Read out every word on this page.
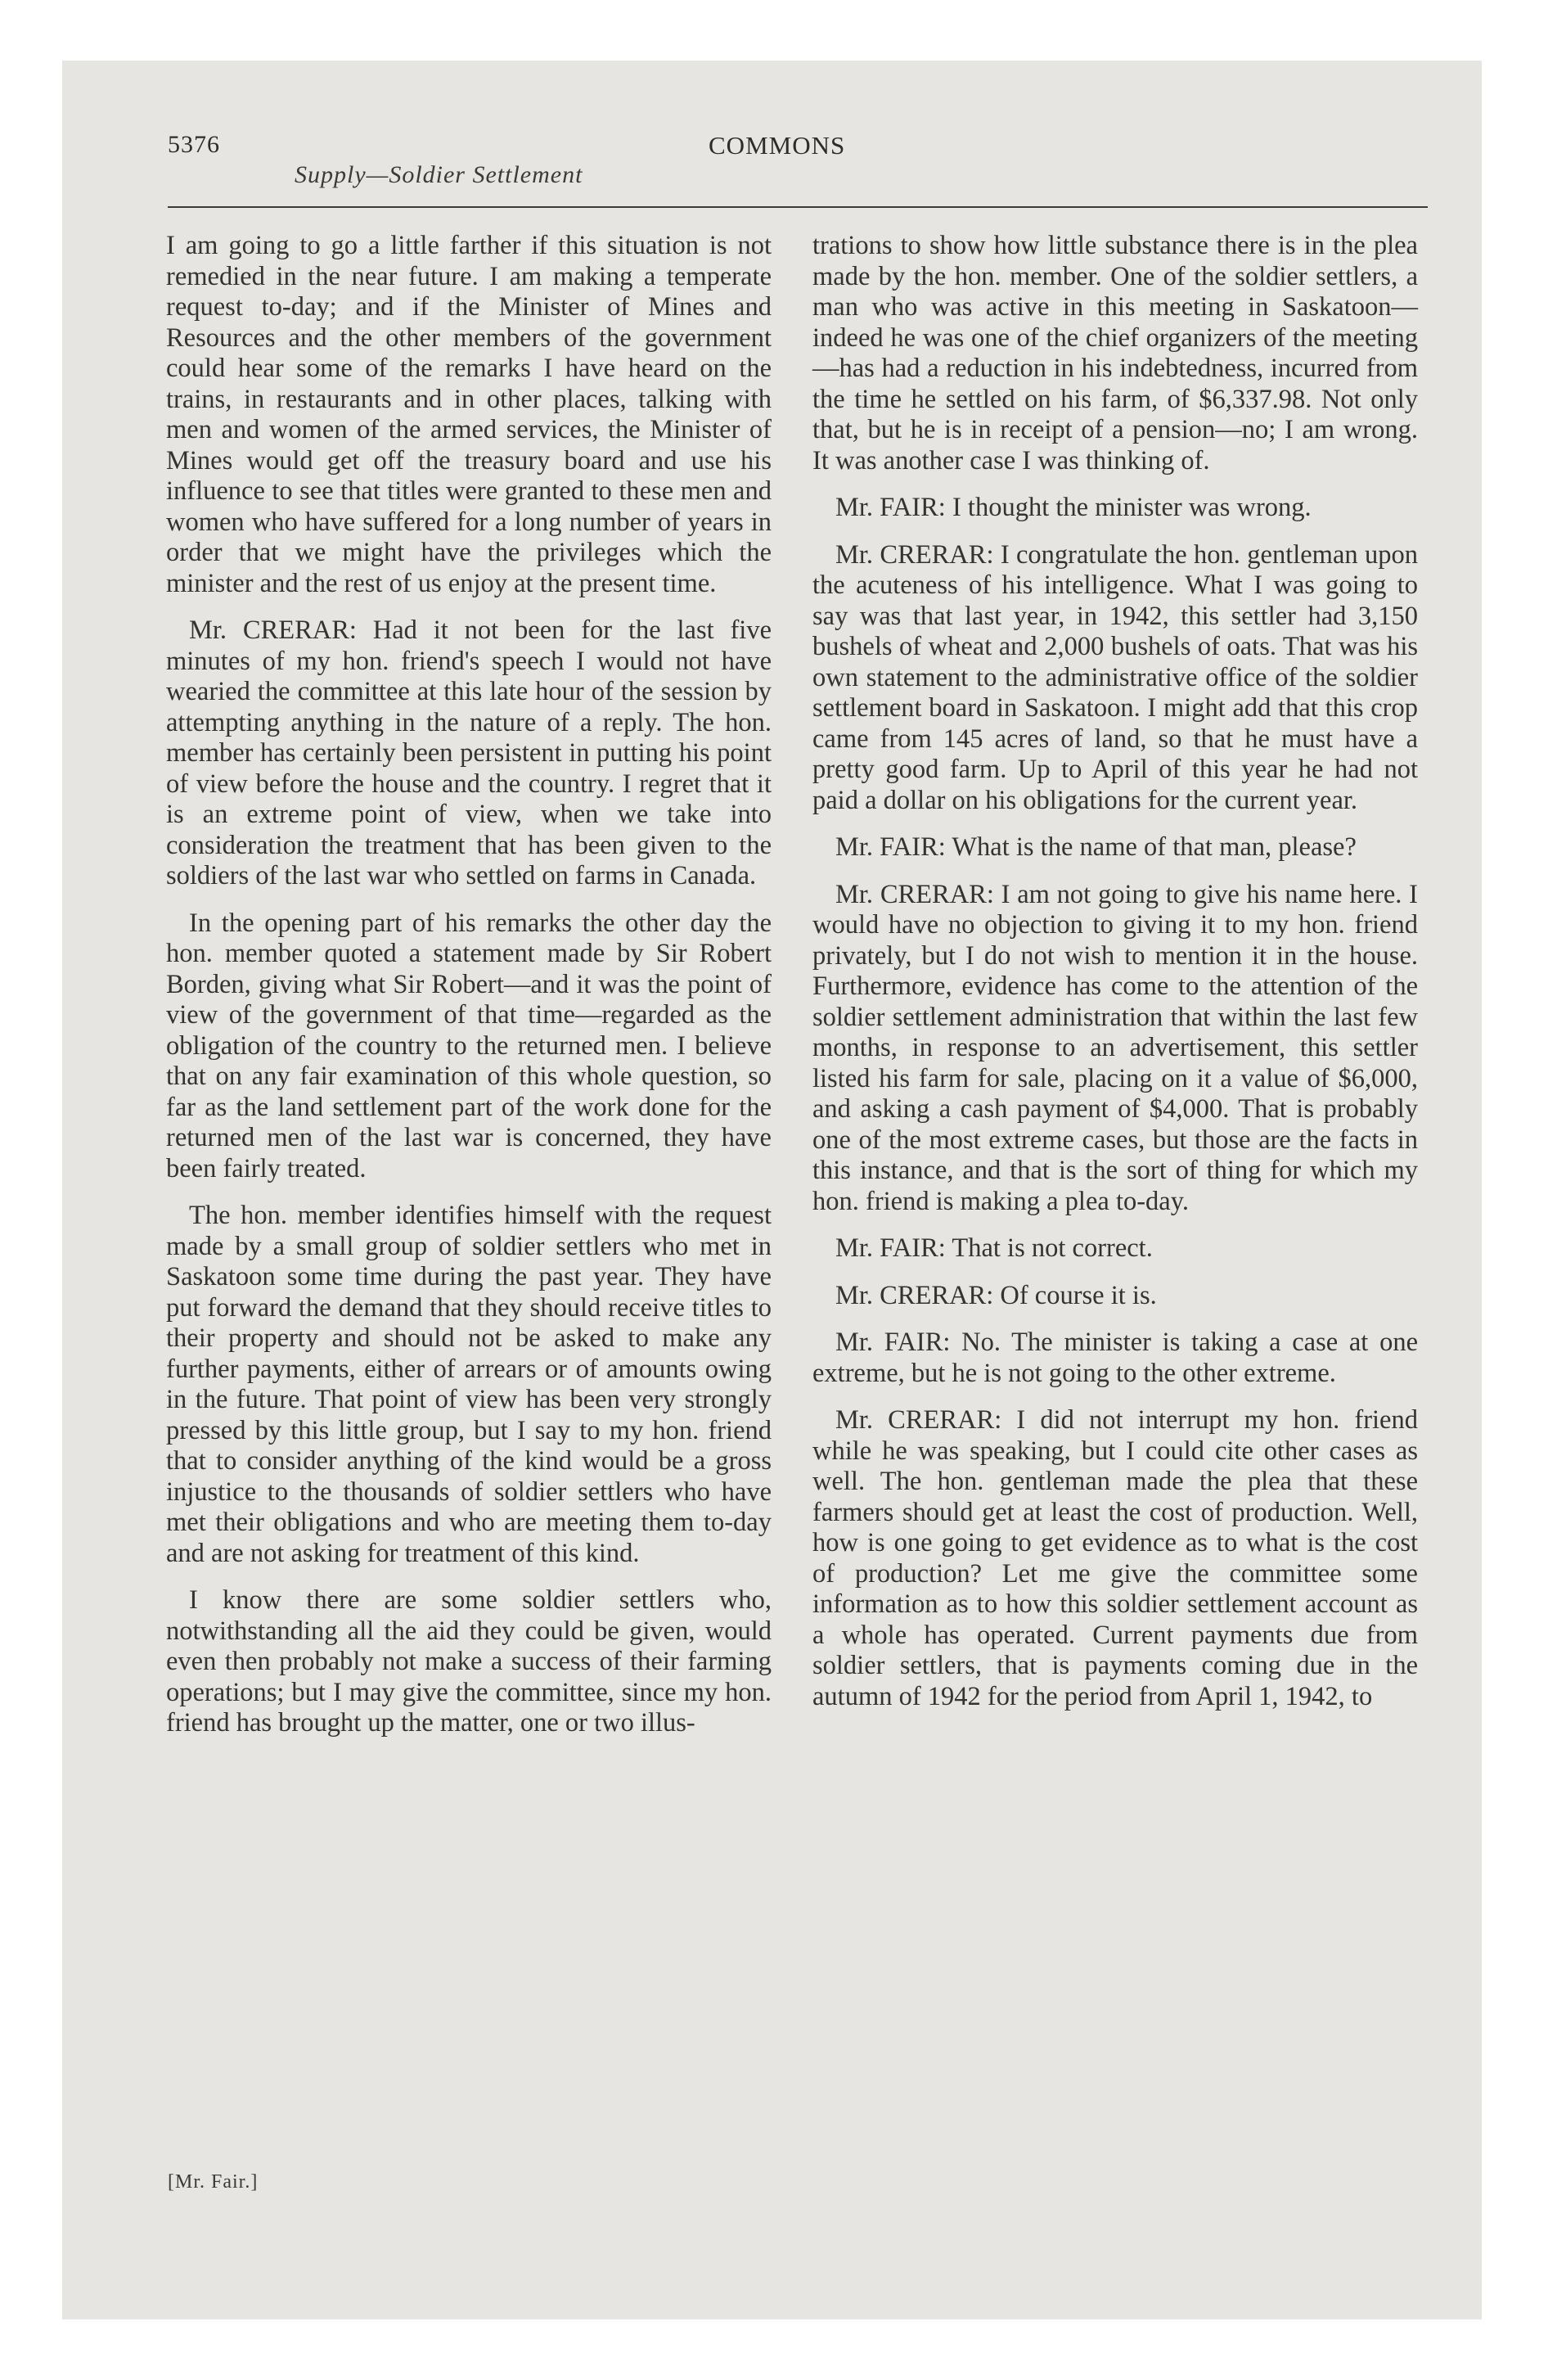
5376	COMMONS
Supply—Soldier Settlement

I am going to go a little farther if this situation is not remedied in the near future. I am making a temperate request to-day; and if the Minister of Mines and Resources and the other members of the government could hear some of the remarks I have heard on the trains, in restaurants and in other places, talking with men and women of the armed services, the Minister of Mines would get off the treasury board and use his influence to see that titles were granted to these men and women who have suffered for a long number of years in order that we might have the privileges which the minister and the rest of us enjoy at the present time.

Mr. CRERAR: Had it not been for the last five minutes of my hon. friend's speech I would not have wearied the committee at this late hour of the session by attempting anything in the nature of a reply. The hon. member has certainly been persistent in putting his point of view before the house and the country. I regret that it is an extreme point of view, when we take into consideration the treatment that has been given to the soldiers of the last war who settled on farms in Canada.

In the opening part of his remarks the other day the hon. member quoted a statement made by Sir Robert Borden, giving what Sir Robert—and it was the point of view of the government of that time—regarded as the obligation of the country to the returned men. I believe that on any fair examination of this whole question, so far as the land settlement part of the work done for the returned men of the last war is concerned, they have been fairly treated.

The hon. member identifies himself with the request made by a small group of soldier settlers who met in Saskatoon some time during the past year. They have put forward the demand that they should receive titles to their property and should not be asked to make any further payments, either of arrears or of amounts owing in the future. That point of view has been very strongly pressed by this little group, but I say to my hon. friend that to consider anything of the kind would be a gross injustice to the thousands of soldier settlers who have met their obligations and who are meeting them to-day and are not asking for treatment of this kind.

I know there are some soldier settlers who, notwithstanding all the aid they could be given, would even then probably not make a success of their farming operations; but I may give the committee, since my hon. friend has brought up the matter, one or two illus-

trations to show how little substance there is in the plea made by the hon. member. One of the soldier settlers, a man who was active in this meeting in Saskatoon—indeed he was one of the chief organizers of the meeting—has had a reduction in his indebtedness, incurred from the time he settled on his farm, of $6,337.98. Not only that, but he is in receipt of a pension—no; I am wrong. It was another case I was thinking of.

Mr. FAIR: I thought the minister was wrong.

Mr. CRERAR: I congratulate the hon. gentleman upon the acuteness of his intelligence. What I was going to say was that last year, in 1942, this settler had 3,150 bushels of wheat and 2,000 bushels of oats. That was his own statement to the administrative office of the soldier settlement board in Saskatoon. I might add that this crop came from 145 acres of land, so that he must have a pretty good farm. Up to April of this year he had not paid a dollar on his obligations for the current year.

Mr. FAIR: What is the name of that man, please?

Mr. CRERAR: I am not going to give his name here. I would have no objection to giving it to my hon. friend privately, but I do not wish to mention it in the house. Furthermore, evidence has come to the attention of the soldier settlement administration that within the last few months, in response to an advertisement, this settler listed his farm for sale, placing on it a value of $6,000, and asking a cash payment of $4,000. That is probably one of the most extreme cases, but those are the facts in this instance, and that is the sort of thing for which my hon. friend is making a plea to-day.

Mr. FAIR: That is not correct.

Mr. CRERAR: Of course it is.

Mr. FAIR: No. The minister is taking a case at one extreme, but he is not going to the other extreme.

Mr. CRERAR: I did not interrupt my hon. friend while he was speaking, but I could cite other cases as well. The hon. gentleman made the plea that these farmers should get at least the cost of production. Well, how is one going to get evidence as to what is the cost of production? Let me give the committee some information as to how this soldier settlement account as a whole has operated. Current payments due from soldier settlers, that is payments coming due in the autumn of 1942 for the period from April 1, 1942, to

[Mr. Fair.]
